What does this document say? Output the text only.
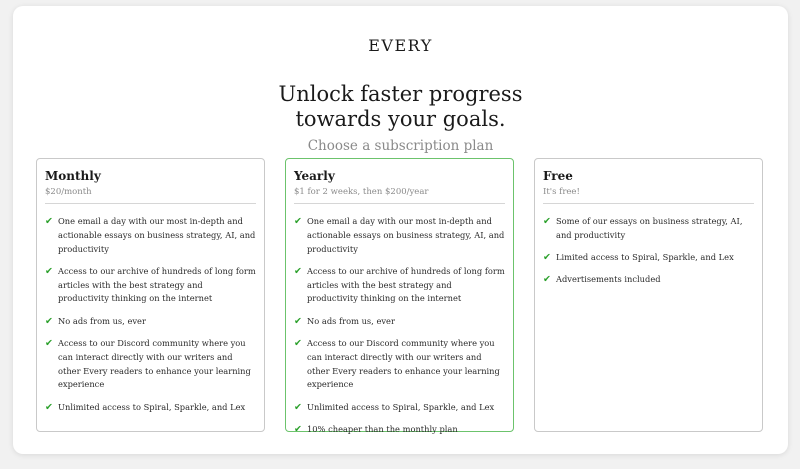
EVERY
Unlock faster progress
towards your goals.
Choose a subscription plan
Monthly
$20/month
✔ One email a day with our most in-depth and actionable essays on business strategy, AI, and productivity
✔ Access to our archive of hundreds of long form articles with the best strategy and productivity thinking on the internet
✔ No ads from us, ever
✔ Access to our Discord community where you can interact directly with our writers and other Every readers to enhance your learning experience
✔ Unlimited access to Spiral, Sparkle, and Lex
Yearly
$1 for 2 weeks, then $200/year
✔ One email a day with our most in-depth and actionable essays on business strategy, AI, and productivity
✔ Access to our archive of hundreds of long form articles with the best strategy and productivity thinking on the internet
✔ No ads from us, ever
✔ Access to our Discord community where you can interact directly with our writers and other Every readers to enhance your learning experience
✔ Unlimited access to Spiral, Sparkle, and Lex
✔ 10% cheaper than the monthly plan
Free
It's free!
✔ Some of our essays on business strategy, AI, and productivity
✔ Limited access to Spiral, Sparkle, and Lex
✔ Advertisements included
